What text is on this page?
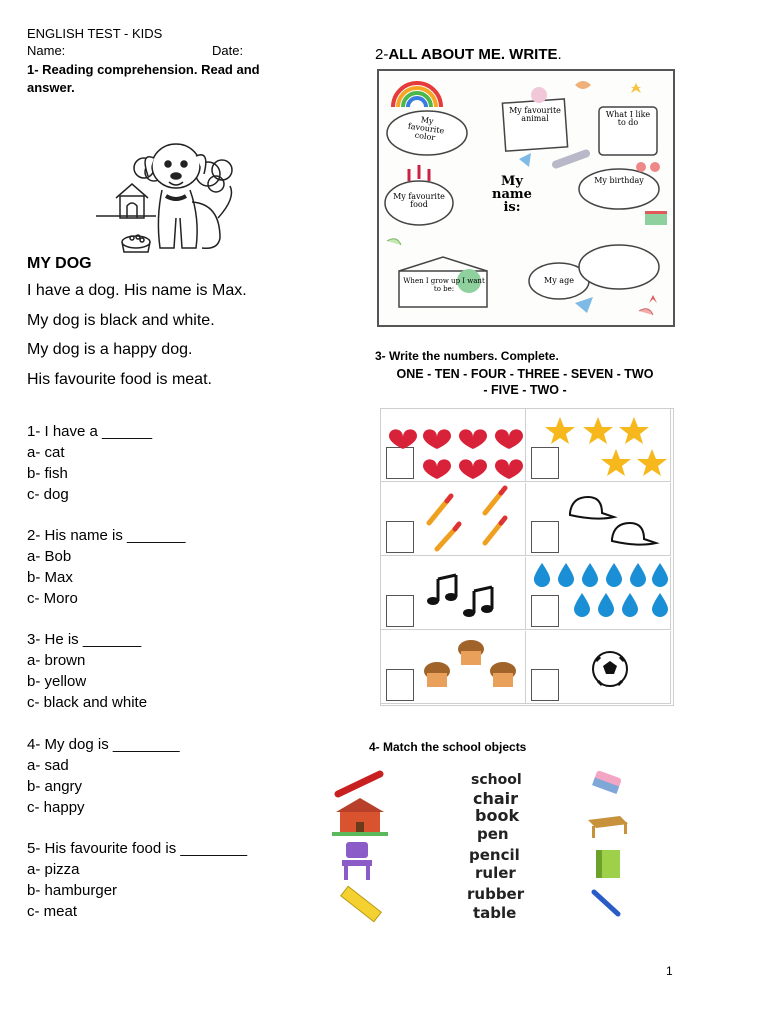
ENGLISH TEST - KIDS
Name:	Date:
1- Reading comprehension. Read and answer.
MY DOG
I have a dog. His name is Max.
My dog is black and white.
My dog is a happy dog.
His favourite food is meat.
1- I have a ______
a- cat
b- fish
c- dog
2- His name is _______
a- Bob
b- Max
c- Moro
3- He is _______
a- brown
b- yellow
c- black and white
4- My dog is ________
a- sad
b- angry
c- happy
5- His favourite food is ________
a- pizza
b- hamburger
c- meat
2-ALL ABOUT ME. WRITE.
My favourite color
My favourite animal	What I like to do
My favourite food
My name is:
My birthday
When I grow up I want to be:
My age
3- Write the numbers. Complete.
ONE - TEN - FOUR - THREE - SEVEN - TWO
- FIVE - TWO -
4- Match the school objects
school
chair
book
pen
pencil
ruler
rubber
table
1
